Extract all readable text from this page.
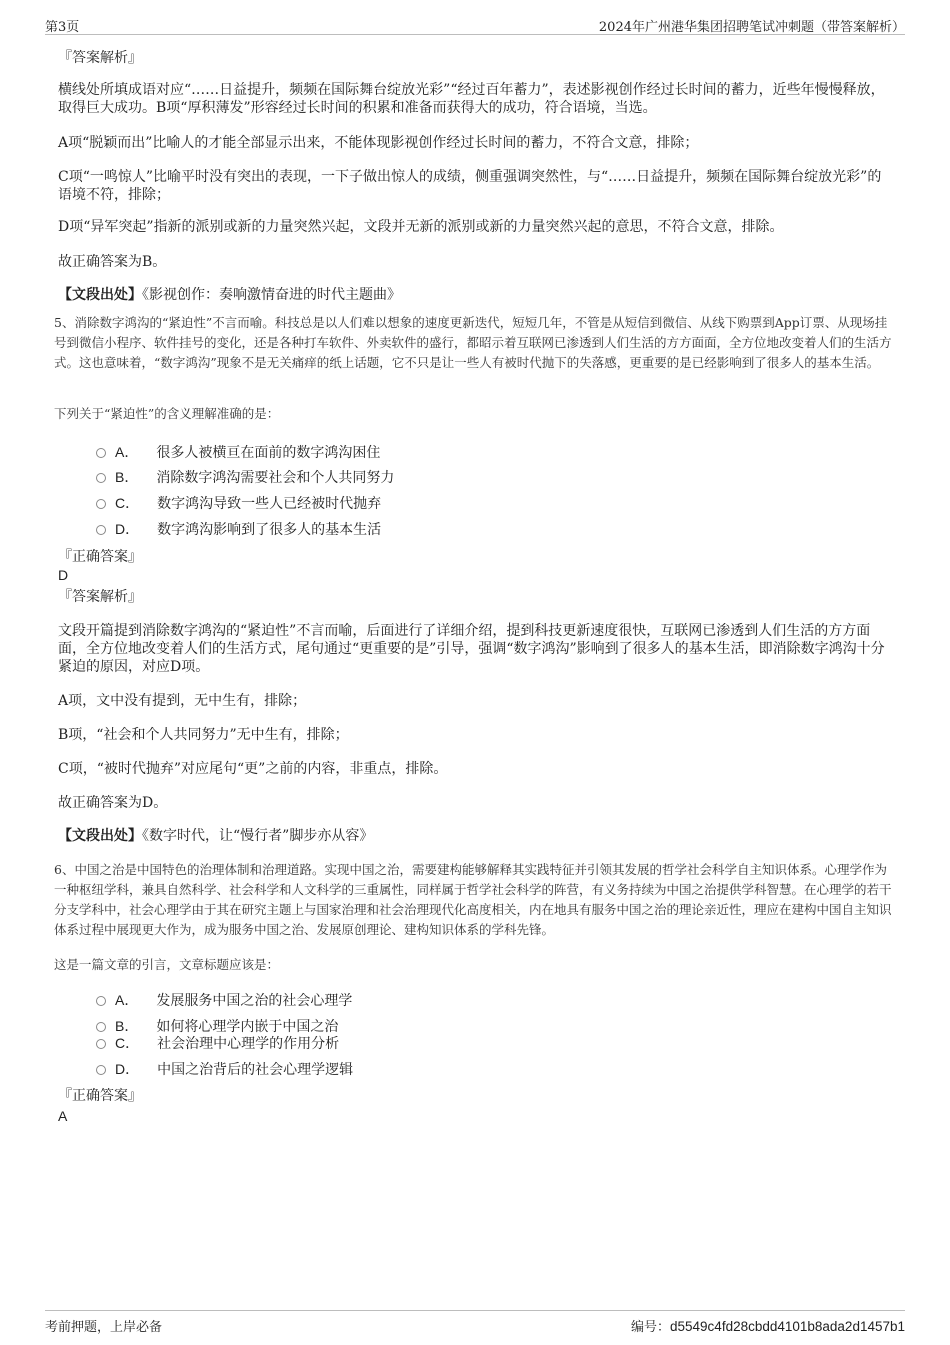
第3页	2024年广州港华集团招聘笔试冲刺题（带答案解析）
『答案解析』
横线处所填成语对应“……日益提升，频频在国际舞台绽放光彩”“经过百年蓄力”，表述影视创作经过长时间的蓄力，近些年慢慢释放，取得巨大成功。B项“厚积薄发”形容经过长时间的积累和准备而获得大的成功，符合语境，当选。
A项“脱颖而出”比喻人的才能全部显示出来，不能体现影视创作经过长时间的蓄力，不符合文意，排除；
C项“一鸣惊人”比喻平时没有突出的表现，一下子做出惊人的成绩，侧重强调突然性，与“……日益提升，频频在国际舞台绽放光彩”的语境不符，排除；
D项“异军突起”指新的派别或新的力量突然兴起，文段并无新的派别或新的力量突然兴起的意思，不符合文意，排除。
故正确答案为B。
【文段出处】《影视创作：奏响激情奋进的时代主题曲》
5、消除数字鸿沟的“紧迫性”不言而喻。科技总是以人们难以想象的速度更新迭代，短短几年，不管是从短信到微信、从线下购票到App订票、从现场挂号到微信小程序、软件挂号的变化，还是各种打车软件、外卖软件的盛行，都昭示着互联网已渗透到人们生活的方方面面，全方位地改变着人们的生活方式。这也意味着，“数字鸿沟”现象不是无关痛痒的纸上话题，它不只是让一些人有被时代抛下的失落感，更重要的是已经影响到了很多人的基本生活。
下列关于“紧迫性”的含义理解准确的是：
A． 很多人被横亘在面前的数字鸿沟困住
B． 消除数字鸿沟需要社会和个人共同努力
C． 数字鸿沟导致一些人已经被时代抛弃
D． 数字鸿沟影响到了很多人的基本生活
『正确答案』
D
『答案解析』
文段开篇提到消除数字鸿沟的“紧迫性”不言而喻，后面进行了详细介绍，提到科技更新速度很快，互联网已渗透到人们生活的方方面面，全方位地改变着人们的生活方式，尾句通过“更重要的是”引导，强调“数字鸿沟”影响到了很多人的基本生活，即消除数字鸿沟十分紧迫的原因，对应D项。
A项，文中没有提到，无中生有，排除；
B项，“社会和个人共同努力”无中生有，排除；
C项，“被时代抛弃”对应尾句“更”之前的内容，非重点，排除。
故正确答案为D。
【文段出处】《数字时代，让“慢行者”脚步亦从容》
6、中国之治是中国特色的治理体制和治理道路。实现中国之治，需要建构能够解释其实践特征并引领其发展的哲学社会科学自主知识体系。心理学作为一种枢纽学科，兼具自然科学、社会科学和人文科学的三重属性，同样属于哲学社会科学的阵营，有义务持续为中国之治提供学科智慧。在心理学的若干分支学科中，社会心理学由于其在研究主题上与国家治理和社会治理现代化高度相关，内在地具有服务中国之治的理论亲近性，理应在建构中国自主知识体系过程中展现更大作为，成为服务中国之治、发展原创理论、建构知识体系的学科先锋。
这是一篇文章的引言，文章标题应该是：
A． 发展服务中国之治的社会心理学
B． 如何将心理学内嵌于中国之治
C． 社会治理中心理学的作用分析
D． 中国之治背后的社会心理学逻辑
『正确答案』
A
考前押题，上岸必备	编号：d5549c4fd28cbdd4101b8ada2d1457b1
